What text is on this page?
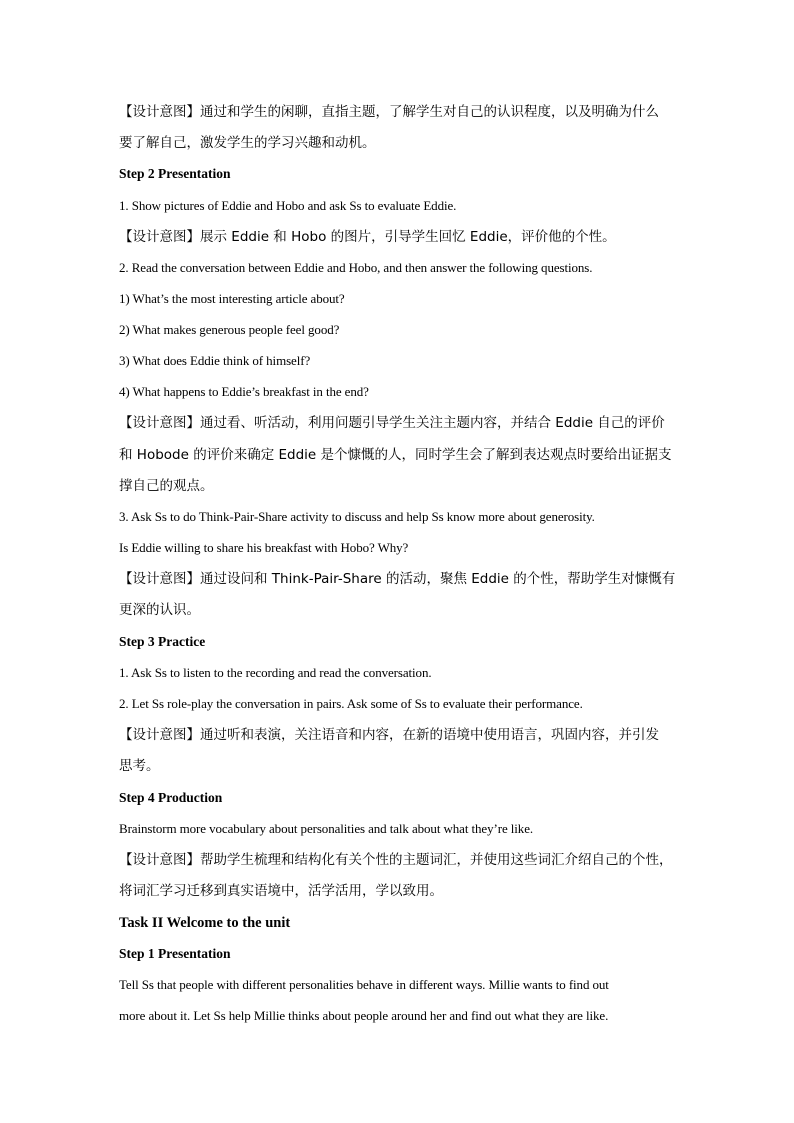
【设计意图】通过和学生的闲聊，直指主题，了解学生对自己的认识程度，以及明确为什么
要了解自己，激发学生的学习兴趣和动机。
Step 2 Presentation
1. Show pictures of Eddie and Hobo and ask Ss to evaluate Eddie.
【设计意图】展示 Eddie 和 Hobo 的图片，引导学生回忆 Eddie，评价他的个性。
2. Read the conversation between Eddie and Hobo, and then answer the following questions.
1) What’s the most interesting article about?
2) What makes generous people feel good?
3) What does Eddie think of himself?
4) What happens to Eddie’s breakfast in the end?
【设计意图】通过看、听活动，利用问题引导学生关注主题内容，并结合 Eddie 自己的评价
和 Hobode 的评价来确定 Eddie 是个慷慨的人，同时学生会了解到表达观点时要给出证据支
撑自己的观点。
3. Ask Ss to do Think-Pair-Share activity to discuss and help Ss know more about generosity.
Is Eddie willing to share his breakfast with Hobo? Why?
【设计意图】通过设问和 Think-Pair-Share 的活动，聚焦 Eddie 的个性，帮助学生对慷慨有
更深的认识。
Step 3 Practice
1. Ask Ss to listen to the recording and read the conversation.
2. Let Ss role-play the conversation in pairs. Ask some of Ss to evaluate their performance.
【设计意图】通过听和表演，关注语音和内容，在新的语境中使用语言，巩固内容，并引发
思考。
Step 4 Production
Brainstorm more vocabulary about personalities and talk about what they’re like.
【设计意图】帮助学生梳理和结构化有关个性的主题词汇，并使用这些词汇介绍自己的个性，
将词汇学习迁移到真实语境中，活学活用，学以致用。
Task II Welcome to the unit
Step 1 Presentation
Tell Ss that people with different personalities behave in different ways. Millie wants to find out
more about it. Let Ss help Millie thinks about people around her and find out what they are like.
